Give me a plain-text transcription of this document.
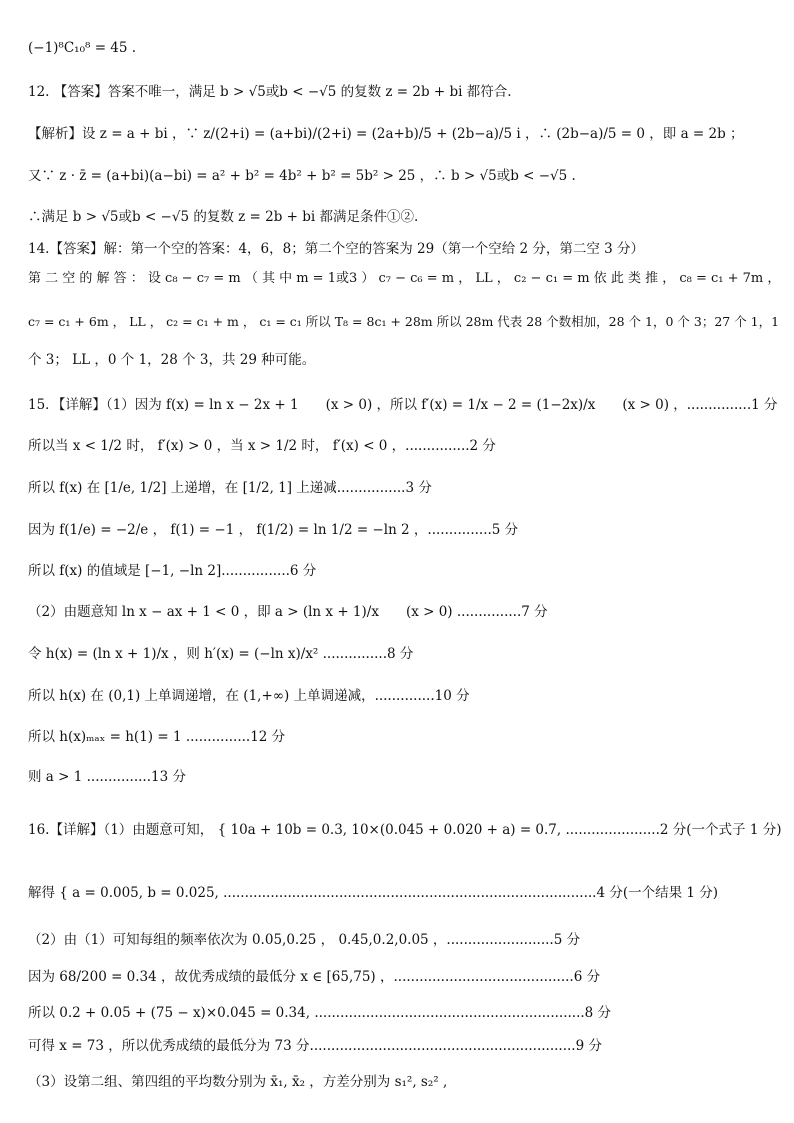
(−1)⁸C₁₀⁸ = 45 .
12. 【答案】答案不唯一，满足 b > √5或b < −√5 的复数 z = 2b + bi 都符合.
【解析】设 z = a + bi ，∵ z/(2+i) = (a+bi)/(2+i) = (2a+b)/5 + (2b−a)/5 i ，∴ (2b−a)/5 = 0 ，即 a = 2b ；
又∵ z · z̄ = (a+bi)(a−bi) = a² + b² = 4b² + b² = 5b² > 25 ，∴ b > √5或b < −√5 .
∴满足 b > √5或b < −√5 的复数 z = 2b + bi 都满足条件①②.
14.【答案】解：第一个空的答案：4，6，8；第二个空的答案为 29（第一个空给 2 分，第二空 3 分）
第 二 空 的 解 答 ： 设 c₈ − c₇ = m （ 其 中 m = 1或3 ） c₇ − c₆ = m ， ⅬⅬ ， c₂ − c₁ = m 依 此 类 推 ， c₈ = c₁ + 7m ，
c₇ = c₁ + 6m ， ⅬⅬ ， c₂ = c₁ + m ， c₁ = c₁ 所以 T₈ = 8c₁ + 28m 所以 28m 代表 28 个数相加，28 个 1，0 个 3；27 个 1，1
个 3； ⅬⅬ ，0 个 1，28 个 3，共 29 种可能。
15．【详解】（1）因为 f(x) = ln x − 2x + 1　　(x > 0) ，所以 f′(x) = 1/x − 2 = (1−2x)/x　　(x > 0) ，...............1 分
所以当 x < 1/2 时， f′(x) > 0 ，当 x > 1/2 时， f′(x) < 0 ，...............2 分
所以 f(x) 在 [1/e, 1/2] 上递增，在 [1/2, 1] 上递减................3 分
因为 f(1/e) = −2/e ， f(1) = −1 ， f(1/2) = ln 1/2 = −ln 2 ，...............5 分
所以 f(x) 的值域是 [−1, −ln 2]................6 分
（2）由题意知 ln x − ax + 1 < 0 ，即 a > (ln x + 1)/x　　(x > 0) ...............7 分
令 h(x) = (ln x + 1)/x ，则 h′(x) = (−ln x)/x² ...............8 分
所以 h(x) 在 (0,1) 上单调递增，在 (1,+∞) 上单调递减，..............10 分
所以 h(x)ₘₐₓ = h(1) = 1 ...............12 分
则 a > 1 ...............13 分
16.【详解】（1）由题意可知， { 10a + 10b = 0.3, 10×(0.045 + 0.020 + a) = 0.7, ......................2 分(一个式子 1 分)
解得 { a = 0.005, b = 0.025, .......................................................................................4 分(一个结果 1 分)
（2）由（1）可知每组的频率依次为 0.05,0.25 ， 0.45,0.2,0.05 ，.........................5 分
因为 68/200 = 0.34 ，故优秀成绩的最低分 x ∈ [65,75) ，..........................................6 分
所以 0.2 + 0.05 + (75 − x)×0.045 = 0.34, ...............................................................8 分
可得 x = 73 ，所以优秀成绩的最低分为 73 分..............................................................9 分
（3）设第二组、第四组的平均数分别为 x̄₁, x̄₂ ，方差分别为 s₁², s₂² ,
